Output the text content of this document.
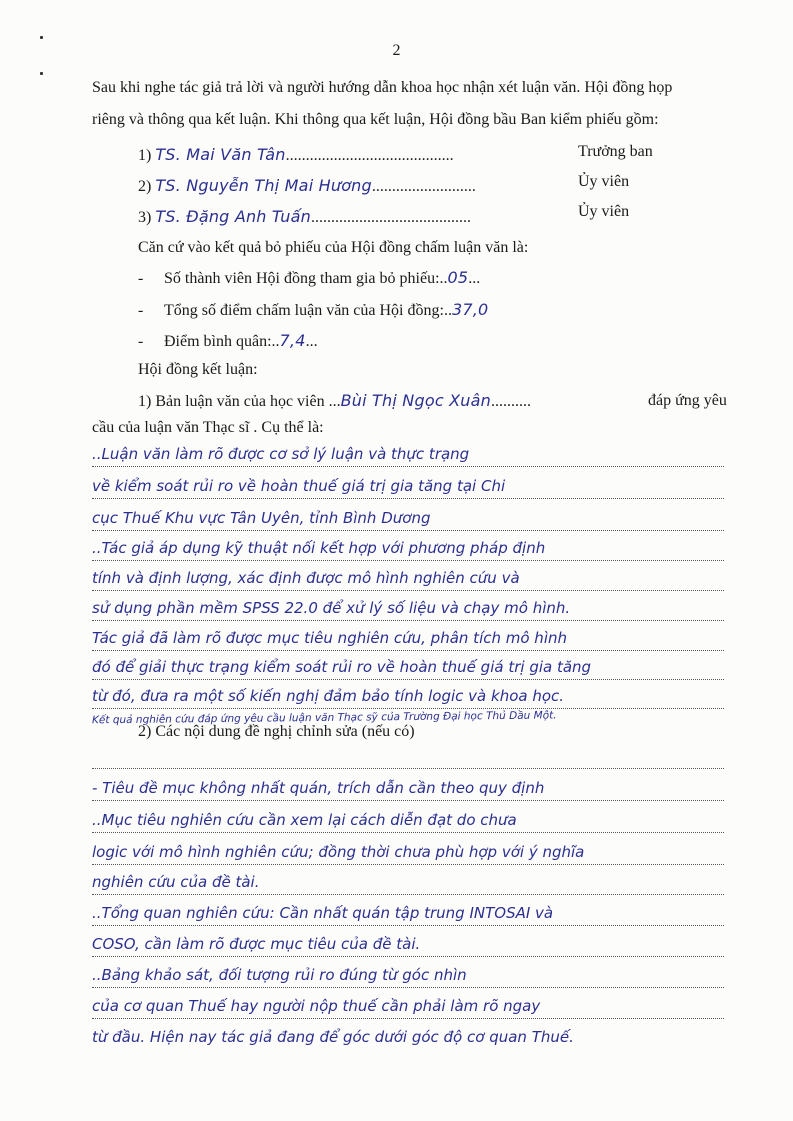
2
Sau khi nghe tác giả trả lời và người hướng dẫn khoa học nhận xét luận văn. Hội đồng họp
riêng và thông qua kết luận. Khi thông qua kết luận, Hội đồng bầu Ban kiểm phiếu gồm:
1) TS. Mai Văn Tân..........................................	Trưởng ban
2) TS. Nguyễn Thị Mai Hương..........................	Ủy viên
3) TS. Đặng Anh Tuấn........................................	Ủy viên
Căn cứ vào kết quả bỏ phiếu của Hội đồng chấm luận văn là:
- Số thành viên Hội đồng tham gia bỏ phiếu:..05...
- Tổng số điểm chấm luận văn của Hội đồng:..37,0
- Điểm bình quân:..7,4...
Hội đồng kết luận:
1) Bản luận văn của học viên ...Bùi Thị Ngọc Xuân..........	đáp ứng yêu
cầu của luận văn Thạc sĩ . Cụ thể là:
..Luận văn làm rõ được cơ sở lý luận và thực trạng
về kiểm soát rủi ro về hoàn thuế giá trị gia tăng tại Chi
cục Thuế Khu vực Tân Uyên, tỉnh Bình Dương
..Tác giả áp dụng kỹ thuật nối kết hợp với phương pháp định
tính và định lượng, xác định được mô hình nghiên cứu và
sử dụng phần mềm SPSS 22.0 để xử lý số liệu và chạy mô hình.
Tác giả đã làm rõ được mục tiêu nghiên cứu, phân tích mô hình
đó để giải thực trạng kiểm soát rủi ro về hoàn thuế giá trị gia tăng
từ đó, đưa ra một số kiến nghị đảm bảo tính logic và khoa học.
Kết quả nghiên cứu đáp ứng yêu cầu luận văn Thạc sỹ của Trường Đại học Thủ Dầu Một.
2) Các nội dung đề nghị chỉnh sửa (nếu có)
- Tiêu đề mục không nhất quán, trích dẫn cần theo quy định
..Mục tiêu nghiên cứu cần xem lại cách diễn đạt do chưa
logic với mô hình nghiên cứu; đồng thời chưa phù hợp với ý nghĩa
nghiên cứu của đề tài.
..Tổng quan nghiên cứu: Cần nhất quán tập trung INTOSAI và
COSO, cần làm rõ được mục tiêu của đề tài.
..Bảng khảo sát, đối tượng rủi ro đúng từ góc nhìn
của cơ quan Thuế hay người nộp thuế cần phải làm rõ ngay
từ đầu. Hiện nay tác giả đang để góc dưới góc độ cơ quan Thuế.
